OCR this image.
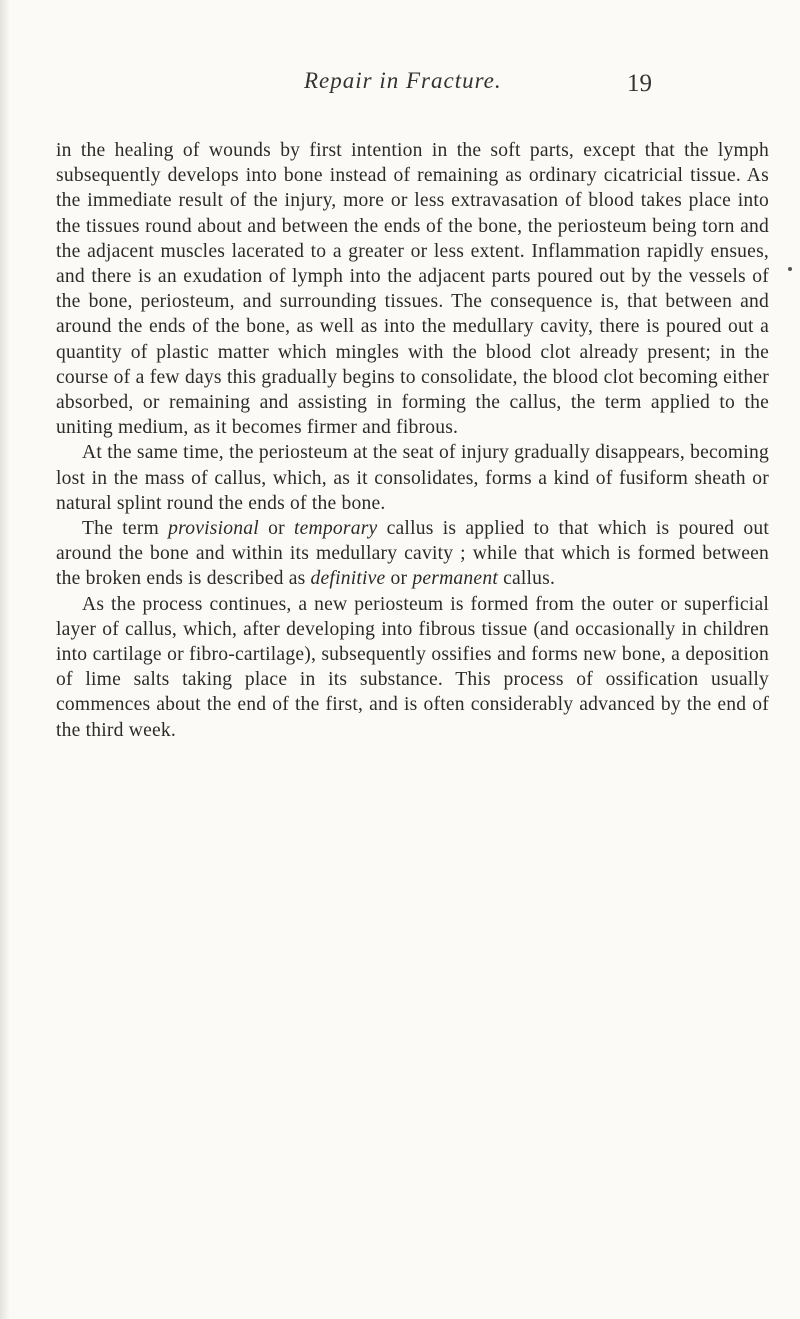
Repair in Fracture.	19

in the healing of wounds by first intention in the soft parts, except that the lymph subsequently develops into bone instead of remaining as ordinary cicatricial tissue. As the immediate result of the injury, more or less extravasation of blood takes place into the tissues round about and between the ends of the bone, the periosteum being torn and the adjacent muscles lacerated to a greater or less extent. Inflammation rapidly ensues, and there is an exudation of lymph into the adjacent parts poured out by the vessels of the bone, periosteum, and surrounding tissues. The consequence is, that between and around the ends of the bone, as well as into the medullary cavity, there is poured out a quantity of plastic matter which mingles with the blood clot already present; in the course of a few days this gradually begins to consolidate, the blood clot becoming either absorbed, or remaining and assisting in forming the callus, the term applied to the uniting medium, as it becomes firmer and fibrous.

At the same time, the periosteum at the seat of injury gradually disappears, becoming lost in the mass of callus, which, as it consolidates, forms a kind of fusiform sheath or natural splint round the ends of the bone.

The term provisional or temporary callus is applied to that which is poured out around the bone and within its medullary cavity ; while that which is formed between the broken ends is described as definitive or permanent callus.

As the process continues, a new periosteum is formed from the outer or superficial layer of callus, which, after developing into fibrous tissue (and occasionally in children into cartilage or fibro-cartilage), subsequently ossifies and forms new bone, a deposition of lime salts taking place in its substance. This process of ossification usually commences about the end of the first, and is often considerably advanced by the end of the third week.
